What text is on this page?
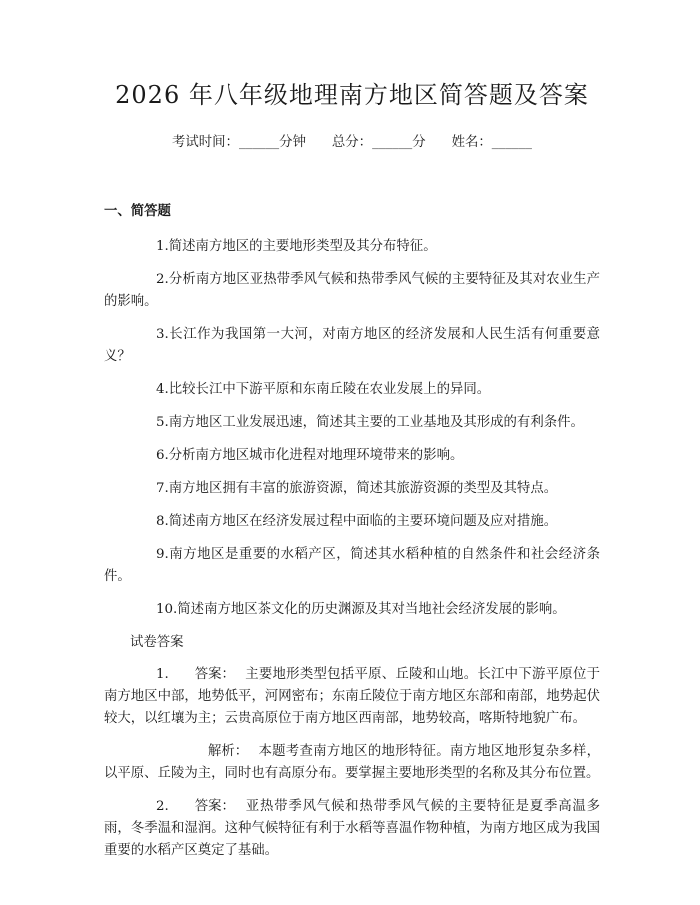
2026 年八年级地理南方地区简答题及答案
考试时间：______分钟 总分：______分 姓名：______
一、简答题

1.简述南方地区的主要地形类型及其分布特征。

2.分析南方地区亚热带季风气候和热带季风气候的主要特征及其对农业生产的影响。

3.长江作为我国第一大河，对南方地区的经济发展和人民生活有何重要意义？

4.比较长江中下游平原和东南丘陵在农业发展上的异同。

5.南方地区工业发展迅速，简述其主要的工业基地及其形成的有利条件。

6.分析南方地区城市化进程对地理环境带来的影响。

7.南方地区拥有丰富的旅游资源，简述其旅游资源的类型及其特点。

8.简述南方地区在经济发展过程中面临的主要环境问题及应对措施。

9.南方地区是重要的水稻产区，简述其水稻种植的自然条件和社会经济条件。

10.简述南方地区茶文化的历史渊源及其对当地社会经济发展的影响。

试卷答案

1. 答案： 主要地形类型包括平原、丘陵和山地。长江中下游平原位于南方地区中部，地势低平，河网密布；东南丘陵位于南方地区东部和南部，地势起伏较大，以红壤为主；云贵高原位于南方地区西南部，地势较高，喀斯特地貌广布。

解析： 本题考查南方地区的地形特征。南方地区地形复杂多样，以平原、丘陵为主，同时也有高原分布。要掌握主要地形类型的名称及其分布位置。

2. 答案： 亚热带季风气候和热带季风气候的主要特征是夏季高温多雨，冬季温和湿润。这种气候特征有利于水稻等喜温作物种植，为南方地区成为我国重要的水稻产区奠定了基础。
